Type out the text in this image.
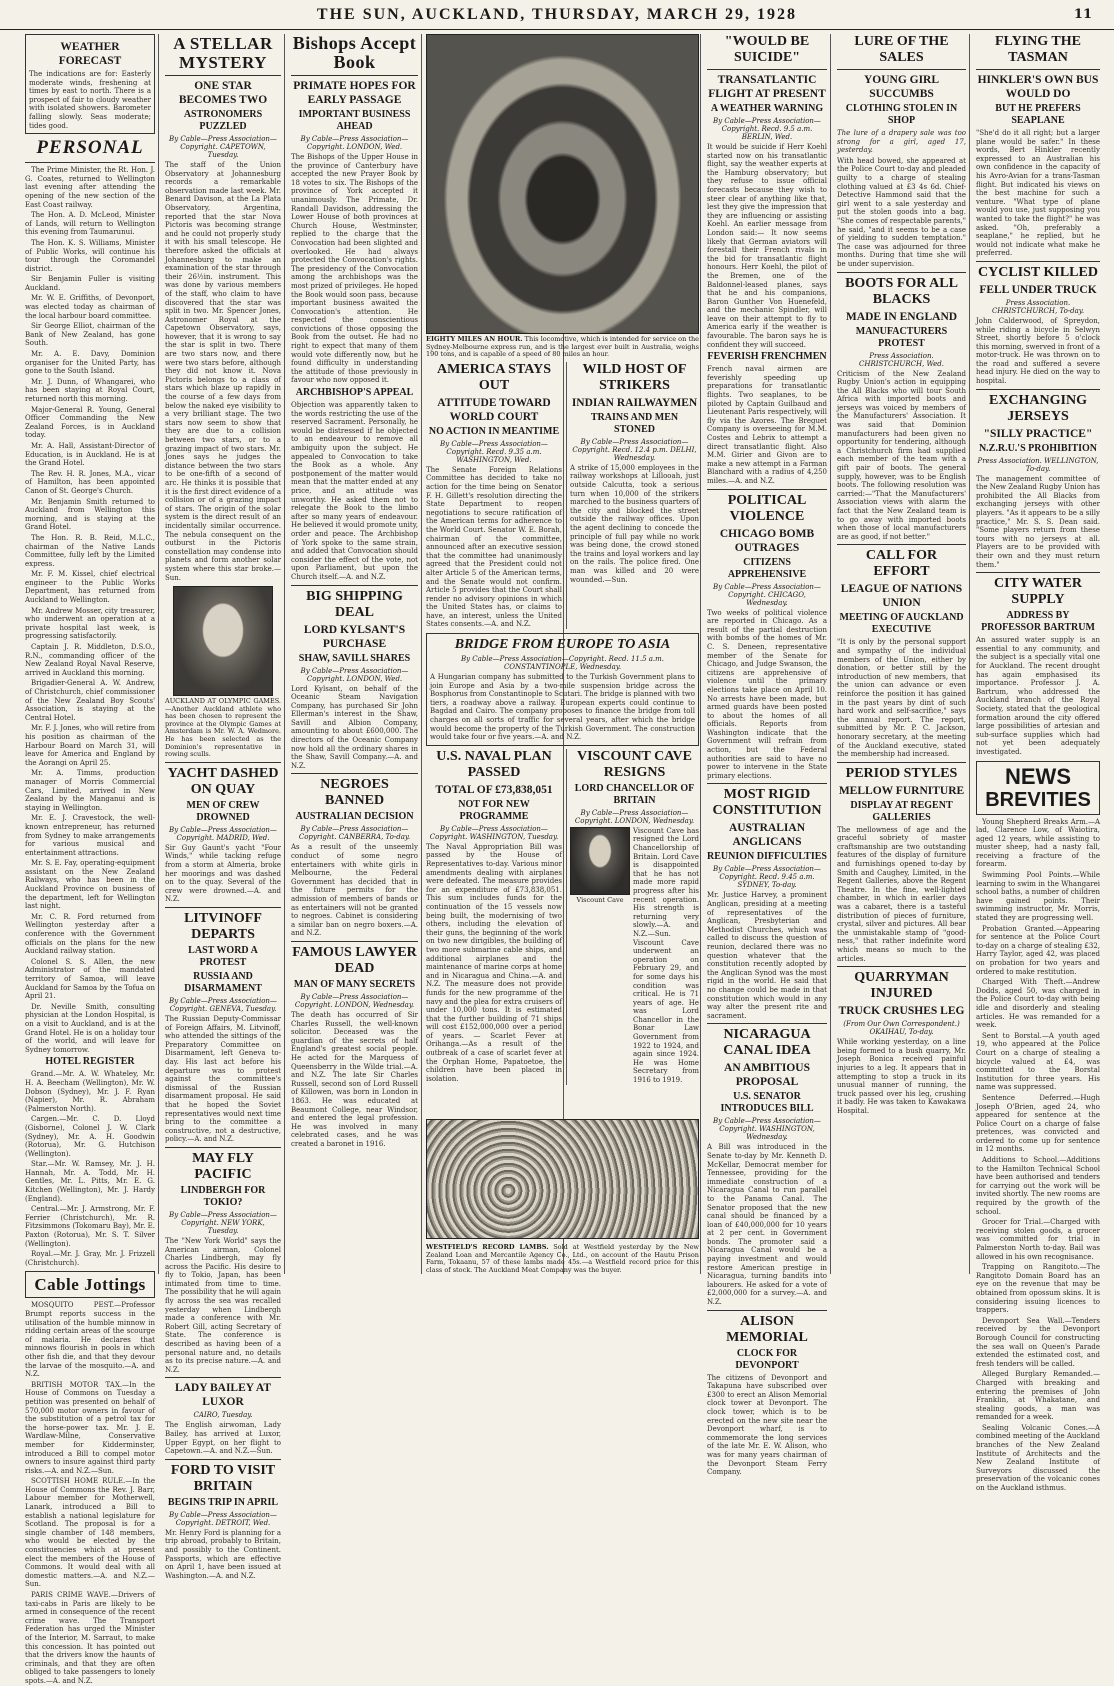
THE SUN, AUCKLAND, THURSDAY, MARCH 29, 1928	11
WEATHER FORECAST
The indications are for: Easterly moderate winds, freshening at times by east to north. There is a prospect of fair to cloudy weather with isolated showers. Barometer falling slowly. Seas moderate; tides good.
PERSONAL

The Prime Minister, the Rt. Hon. J. G. Coates, returned to Wellington last evening after attending the opening of the new section of the East Coast railway.

The Hon. A. D. McLeod, Minister of Lands, will return to Wellington this evening from Taumarunui.

The Hon. K. S. Williams, Minister of Public Works, will continue his tour through the Coromandel district.

Sir Benjamin Fuller is visiting Auckland.

Mr. W. E. Griffiths, of Devonport, was elected today as chairman of the local harbour board committee.

Sir George Elliot, chairman of the Bank of New Zealand, has gone South.

Mr. A. E. Davy, Dominion organiser for the United Party, has gone to the South Island.

Mr. J. Dunn, of Whangarei, who has been staying at Royal Court, returned north this morning.

Major-General R. Young, General Officer Commanding the New Zealand Forces, is in Auckland today.

Mr. A. Hall, Assistant-Director of Education, is in Auckland. He is at the Grand Hotel.

The Rev. H. R. Jones, M.A., vicar of Hamilton, has been appointed Canon of St. George's Church.

Mr. Benjamin Smith returned to Auckland from Wellington this morning, and is staying at the Grand Hotel.

The Hon. R. B. Reid, M.L.C., chairman of the Native Lands Committee, fully left by the Limited express.

Mr. F. M. Kissel, chief electrical engineer to the Public Works Department, has returned from Auckland to Wellington.

Mr. Andrew Mosser, city treasurer, who underwent an operation at a private hospital last week, is progressing satisfactorily.

Captain J. R. Middleton, D.S.O., R.N., commanding officer of the New Zealand Royal Naval Reserve, arrived in Auckland this morning.

Brigadier-General A. W. Andrew, of Christchurch, chief commissioner of the New Zealand Boy Scouts' Association, is staying at the Central Hotel.

Mr. F. J. Jones, who will retire from his position as chairman of the Harbour Board on March 31, will leave for America and England by the Aorangi on April 25.

Mr. A. Timms, production manager of Morris Commercial Cars, Limited, arrived in New Zealand by the Manganui and is staying in Wellington.

Mr. E. J. Cravestock, the well-known entrepreneur, has returned from Sydney to make arrangements for various musical and entertainment attractions.

Mr. S. E. Fay, operating-equipment assistant on the New Zealand Railways, who has been in the Auckland Province on business of the department, left for Wellington last night.

Mr. C. R. Ford returned from Wellington yesterday after a conference with the Government officials on the plans for the new Auckland railway station.

Colonel S. S. Allen, the new Administrator of the mandated territory of Samoa, will leave Auckland for Samoa by the Tofua on April 21.

Dr. Neville Smith, consulting physician at the London Hospital, is on a visit to Auckland, and is at the Grand Hotel. He is on a holiday tour of the world, and will leave for Sydney tomorrow.

HOTEL REGISTER

Grand.—Mr. A. W. Whateley, Mr. H. A. Beecham (Wellington), Mr. W. Dobson (Sydney), Mr. J. F. Ryan (Napier), Mr. R. Abraham (Palmerston North).

Cargen.—Mr. C. D. Lloyd (Gisborne), Colonel J. W. Clark (Sydney), Mr. A. H. Goodwin (Rotorua), Mr. G. Hutchison (Wellington).

Star.—Mr. W. Ramsey, Mr. J. H. Hannah, Mr. A. Todd, Mr. H. Gentles, Mr. L. Pitts, Mr. E. G. Kitchen (Wellington), Mr. J. Hardy (England).

Central.—Mr. J. Armstrong, Mr. F. Ferrier (Christchurch), Mr. R. Fitzsimmons (Tokomaru Bay), Mr. E. Paxton (Rotorua), Mr. S. T. Silver (Wellington).

Royal.—Mr. J. Gray, Mr. J. Frizzell (Christchurch).

Cable Jottings

MOSQUITO PEST.—Professor Brumpt reports success in the utilisation of the humble minnow in ridding certain areas of the scourge of malaria. He declares that minnows flourish in pools in which other fish die, and that they devour the larvae of the mosquito.—A. and N.Z.

BRITISH MOTOR TAX.—In the House of Commons on Tuesday a petition was presented on behalf of 570,000 motor owners in favour of the substitution of a petrol tax for the horse-power tax. Mr. J. E. Wardlaw-Milne, Conservative member for Kidderminster, introduced a Bill to compel motor owners to insure against third party risks.—A. and N.Z.—Sun.

SCOTTISH HOME RULE.—In the House of Commons the Rev. J. Barr, Labour member for Motherwell, Lanark, introduced a Bill to establish a national legislature for Scotland. The proposal is for a single chamber of 148 members, who would be elected by the constituencies which at present elect the members of the House of Commons. It would deal with all domestic matters.—A. and N.Z.—Sun.

PARIS CRIME WAVE.—Drivers of taxi-cabs in Paris are likely to be armed in consequence of the recent crime wave. The Transport Federation has urged the Minister of the Interior, M. Sarraut, to make this concession. It has pointed out that the drivers know the haunts of criminals, and that they are often obliged to take passengers to lonely spots.—A. and N.Z.

A STELLAR MYSTERY
ONE STAR BECOMES TWO
ASTRONOMERS PUZZLED
By Cable—Press Association—Copyright. CAPETOWN, Tuesday.
The staff of the Union Observatory at Johannesburg records a remarkable observation made last week. Mr. Benard Davison, at the La Plata Observatory, Argentina, reported that the star Nova Pictoris was becoming strange and he could not properly study it with his small telescope. He therefore asked the officials at Johannesburg to make an examination of the star through their 26½in. instrument. This was done by various members of the staff, who claim to have discovered that the star was split in two. Mr. Spencer Jones, Astronomer Royal at the Capetown Observatory, says, however, that it is wrong to say the star is split in two. There are two stars now, and there were two stars before, although they did not know it. Nova Pictoris belongs to a class of stars which blaze up rapidly in the course of a few days from below the naked eye visibility to a very brilliant stage. The two stars now seem to show that they are due to a collision between two stars, or to a grazing impact of two stars. Mr. Jones says he judges the distance between the two stars to be one-fifth of a second of arc. He thinks it is possible that it is the first direct evidence of a collision or of a grazing impact of stars. The origin of the solar system is the direct result of an incidentally similar occurrence. The nebula consequent on the outburst in the Pictoris constellation may condense into planets and form another solar system where this star broke.—Sun.
AUCKLAND AT OLYMPIC GAMES.—Another Auckland athlete who has been chosen to represent the province at the Olympic Games at Amsterdam is Mr. W. A. Wedmore. He has been selected as the Dominion's representative in rowing sculls.
YACHT DASHED ON QUAY
MEN OF CREW DROWNED
By Cable—Press Association—Copyright. MADRID, Wed.
Sir Guy Gaunt's yacht "Four Winds," while tacking refuge from a storm at Almeria, broke her moorings and was dashed on to the quay. Several of the crew were drowned.—A. and N.Z.
LITVINOFF DEPARTS
LAST WORD A PROTEST
RUSSIA AND DISARMAMENT
By Cable—Press Association—Copyright. GENEVA, Tuesday.
The Russian Deputy-Commissar of Foreign Affairs, M. Litvinoff, who attended the sittings of the Preparatory Committee on Disarmament, left Geneva to-day. His last act before his departure was to protest against the committee's dismissal of the Russian disarmament proposal. He said that he hoped the Soviet representatives would next time bring to the committee a constructive, not a destructive, policy.—A. and N.Z.
MAY FLY PACIFIC
LINDBERGH FOR TOKIO?
By Cable—Press Association—Copyright. NEW YORK, Tuesday.
The "New York World" says the American airman, Colonel Charles Lindbergh, may fly across the Pacific. His desire to fly to Tokio, Japan, has been intimated from time to time. The possibility that he will again fly across the sea was recalled yesterday when Lindbergh made a conference with Mr. Robert Gill, acting Secretary of State. The conference is described as having been of a personal nature and, no details as to its precise nature.—A. and N.Z.
LADY BAILEY AT LUXOR
CAIRO, Tuesday.
The English airwoman, Lady Bailey, has arrived at Luxor, Upper Egypt, on her flight to Capetown.—A. and N.Z.—Sun.
FORD TO VISIT BRITAIN
BEGINS TRIP IN APRIL
By Cable—Press Association—Copyright. DETROIT, Wed.
Mr. Henry Ford is planning for a trip abroad, probably to Britain, and possibly to the Continent. Passports, which are effective on April 1, have been issued at Washington.—A. and N.Z.
Bishops Accept Book
PRIMATE HOPES FOR EARLY PASSAGE
IMPORTANT BUSINESS AHEAD
By Cable—Press Association—Copyright. LONDON, Wed.
The Bishops of the Upper House in the province of Canterbury have accepted the new Prayer Book by 18 votes to six. The Bishops of the province of York accepted it unanimously. The Primate, Dr. Randall Davidson, addressing the Lower House of both provinces at Church House, Westminster, replied to the charge that the Convocation had been slighted and overlooked. He had always protected the Convocation's rights. The presidency of the Convocation among the archbishops was the most prized of privileges. He hoped the Book would soon pass, because important business awaited the Convocation's attention. He respected the conscientious convictions of those opposing the Book from the outset. He had no right to expect that many of them would vote differently now, but he found difficulty in understanding the attitude of those previously in favour who now opposed it.
ARCHBISHOP'S APPEAL
Objection was apparently taken to the words restricting the use of the reserved Sacrament. Personally, he would be distressed if he objected to an endeavour to remove all ambiguity upon the subject. He appealed to Convocation to take the Book as a whole. Any postponement of the matter would mean that the matter ended at any price, and an attitude was unworthy. He asked them not to relegate the Book to the limbo after so many years of endeavour. He believed it would promote unity, order and peace. The Archbishop of York spoke to the same strain, and added that Convocation should consider the effect of the vote, not upon Parliament, but upon the Church itself.—A. and N.Z.
BIG SHIPPING DEAL
LORD KYLSANT'S PURCHASE
SHAW, SAVILL SHARES
By Cable—Press Association—Copyright. LONDON, Wed.
Lord Kylsant, on behalf of the Oceanic Steam Navigation Company, has purchased Sir John Ellerman's interest in the Shaw, Savill and Albion Company, amounting to about £600,000. The directors of the Oceanic Company now hold all the ordinary shares in the Shaw, Savill Company.—A. and N.Z.
NEGROES BANNED
AUSTRALIAN DECISION
By Cable—Press Association—Copyright. CANBERRA, To-day.
As a result of the unseemly conduct of some negro entertainers with white girls in Melbourne, the Federal Government has decided that in the future permits for the admission of members of bands or as entertainers will not be granted to negroes. Cabinet is considering a similar ban on negro boxers.—A. and N.Z.
FAMOUS LAWYER DEAD
MAN OF MANY SECRETS
By Cable—Press Association—Copyright. LONDON, Wednesday.
The death has occurred of Sir Charles Russell, the well-known solicitor. Deceased was the guardian of the secrets of half England's greatest social people. He acted for the Marquess of Queensberry in the Wilde trial.—A. and N.Z. The late Sir Charles Russell, second son of Lord Russell of Killowen, was born in London in 1863. He was educated at Beaumont College, near Windsor, and entered the legal profession. He was involved in many celebrated cases, and he was created a baronet in 1916.
EIGHTY MILES AN HOUR. This locomotive, which is intended for service on the Sydney-Melbourne express run, and is the largest ever built in Australia, weighs 190 tons, and is capable of a speed of 80 miles an hour.
AMERICA STAYS OUT
ATTITUDE TOWARD WORLD COURT
NO ACTION IN MEANTIME
By Cable—Press Association—Copyright. Recd. 9.35 a.m. WASHINGTON, Wed.
The Senate Foreign Relations Committee has decided to take no action for the time being on Senator F. H. Gillett's resolution directing the State Department to reopen negotiations to secure ratification of the American terms for adherence to the World Court. Senator W. E. Borah, chairman of the committee, announced after an executive session that the committee had unanimously agreed that the President could not alter Article 5 of the American terms, and the Senate would not confirm. Article 5 provides that the Court shall render no advisory opinions in which the United States has, or claims to have, an interest, unless the United States consents.—A. and N.Z.
WILD HOST OF STRIKERS
INDIAN RAILWAYMEN
TRAINS AND MEN STONED
By Cable—Press Association—Copyright. Recd. 12.4 p.m. DELHI, Wednesday.
A strike of 15,000 employees in the railway workshops at Lillooah, just outside Calcutta, took a serious turn when 10,000 of the strikers marched to the business quarters of the city and blocked the street outside the railway offices. Upon the agent declining to concede the principle of full pay while no work was being done, the crowd stoned the trains and loyal workers and lay on the rails. The police fired. One man was killed and 20 were wounded.—Sun.
BRIDGE FROM EUROPE TO ASIA
By Cable—Press Association—Copyright. Recd. 11.5 a.m. CONSTANTINOPLE, Wednesday.
A Hungarian company has submitted to the Turkish Government plans to join Europe and Asia by a two-mile suspension bridge across the Bosphorus from Constantinople to Scutari. The bridge is planned with two tiers, a roadway above a railway. European experts could continue to Bagdad and Cairo. The company proposes to finance the bridge from toll charges on all sorts of traffic for several years, after which the bridge would become the property of the Turkish Government. The construction would take four or five years.—A. and N.Z.
U.S. NAVAL PLAN PASSED
TOTAL OF £73,838,051
NOT FOR NEW PROGRAMME
By Cable—Press Association—Copyright. WASHINGTON, Tuesday.
The Naval Appropriation Bill was passed by the House of Representatives to-day. Various minor amendments dealing with airplanes were defeated. The measure provides for an expenditure of £73,838,051. This sum includes funds for the continuation of the 15 vessels now being built, the modernising of two others, including the elevation of their guns, the beginning of the work on two new dirigibles, the building of two more submarine cable ships, and additional airplanes and the maintenance of marine corps at home and in Nicaragua and China.—A. and N.Z. The measure does not provide funds for the new programme of the navy and the plea for extra cruisers of under 10,000 tons. It is estimated that the further building of 71 ships will cost £152,000,000 over a period of years. — Scarlet Fever at Orihanga.—As a result of the outbreak of a case of scarlet fever at the Orphan Home, Papatoetoe, the children have been placed in isolation.
VISCOUNT CAVE RESIGNS
LORD CHANCELLOR OF BRITAIN
By Cable—Press Association—Copyright. LONDON, Wednesday.
Viscount Cave
Viscount Cave has resigned the Lord Chancellorship of Britain. Lord Cave is disappointed that he has not made more rapid progress after his recent operation. His strength is returning very slowly.—A. and N.Z.—Sun. Viscount Cave underwent an operation on February 29, and for some days his condition was critical. He is 71 years of age. He was Lord Chancellor in the Bonar Law Government from 1922 to 1924, and again since 1924. He was Home Secretary from 1916 to 1919.
WESTFIELD'S RECORD LAMBS. Sold at Westfield yesterday by the New Zealand Loan and Mercantile Agency Co., Ltd., on account of the Hautu Prison Farm, Tokaanu, 57 of these lambs made 45s.—a Westfield record price for this class of stock. The Auckland Meat Company was the buyer.
"WOULD BE SUICIDE"
TRANSATLANTIC FLIGHT AT PRESENT
A WEATHER WARNING
By Cable—Press Association—Copyright. Recd. 9.5 a.m. BERLIN, Wed.
It would be suicide if Herr Koehl started now on his transatlantic flight, say the weather experts at the Hamburg observatory; but they refuse to issue official forecasts because they wish to steer clear of anything like that, lest they give the impression that they are influencing or assisting Koehl. An earlier message from London said:— It now seems likely that German aviators will forestall their French rivals in the bid for transatlantic flight honours. Herr Koehl, the pilot of the Bremen, one of the Baldonnel-leased planes, says that he and his companions, Baron Gunther Von Huenefeld, and the mechanic Spindler, will leave on their attempt to fly to America early if the weather is favourable. The baron says he is confident they will succeed.
FEVERISH FRENCHMEN
French naval airmen are feverishly speeding up preparations for transatlantic flights. Two seaplanes, to be piloted by Captain Guilbaud and Lieutenant Paris respectively, will fly via the Azores. The Breguet Company is overseeing for M.M. Costes and Lebrix to attempt a direct transatlantic flight. Also M.M. Girier and Givon are to make a new attempt in a Farman Blanchard with a radius of 4,250 miles.—A. and N.Z.
POLITICAL VIOLENCE
CHICAGO BOMB OUTRAGES
CITIZENS APPREHENSIVE
By Cable—Press Association—Copyright. CHICAGO, Wednesday.
Two weeks of political violence are reported in Chicago. As a result of the partial destruction with bombs of the homes of Mr. C. S. Deneen, representative member of the Senate for Chicago, and Judge Swanson, the citizens are apprehensive of violence until the primary elections take place on April 10. No arrests have been made, but armed guards have been posted to about the homes of all officials. Reports from Washington indicate that the Government will refrain from action, but the Federal authorities are said to have no power to intervene in the State primary elections.
MOST RIGID CONSTITUTION
AUSTRALIAN ANGLICANS
REUNION DIFFICULTIES
By Cable—Press Association—Copyright. Recd. 9.45 a.m. SYDNEY, To-day.
Mr. Justice Harvey, a prominent Anglican, presiding at a meeting of representatives of the Anglican, Presbyterian and Methodist Churches, which was called to discuss the question of reunion, declared there was no question whatever that the constitution recently adopted by the Anglican Synod was the most rigid in the world. He said that no change could be made in that constitution which would in any way alter the present rite and sacrament.
NICARAGUA CANAL IDEA
AN AMBITIOUS PROPOSAL
U.S. SENATOR INTRODUCES BILL
By Cable—Press Association—Copyright. WASHINGTON, Wednesday.
A Bill was introduced in the Senate to-day by Mr. Kenneth D. McKellar, Democrat member for Tennessee, providing for the immediate construction of a Nicaragua Canal to run parallel to the Panama Canal. The Senator proposed that the new canal should be financed by a loan of £40,000,000 for 10 years at 2 per cent. in Government bonds. The promoter said a Nicaragua Canal would be a paying investment and would restore American prestige in Nicaragua, turning bandits into labourers. He asked for a vote of £2,000,000 for a survey.—A. and N.Z.
ALISON MEMORIAL
CLOCK FOR DEVONPORT
The citizens of Devonport and Takapuna have subscribed over £300 to erect an Alison Memorial clock tower at Devonport. The clock tower, which is to be erected on the new site near the Devonport wharf, is to commemorate the long services of the late Mr. E. W. Alison, who was for many years chairman of the Devonport Steam Ferry Company.
LURE OF THE SALES
YOUNG GIRL SUCCUMBS
CLOTHING STOLEN IN SHOP
The lure of a drapery sale was too strong for a girl, aged 17, yesterday.
With head bowed, she appeared at the Police Court to-day and pleaded guilty to a charge of stealing clothing valued at £3 4s 6d. Chief-Detective Hammond said that the girl went to a sale yesterday and put the stolen goods into a bag. "She comes of respectable parents," he said, "and it seems to be a case of yielding to sudden temptation." The case was adjourned for three months. During that time she will be under supervision.
BOOTS FOR ALL BLACKS
MADE IN ENGLAND
MANUFACTURERS PROTEST
Press Association. CHRISTCHURCH, Wed.
Criticism of the New Zealand Rugby Union's action in equipping the All Blacks who will tour South Africa with imported boots and jerseys was voiced by members of the Manufacturers' Association. It was said that Dominion manufacturers had been given no opportunity for tendering, although a Christchurch firm had supplied each member of the team with a gift pair of boots. The general supply, however, was to be English boots. The following resolution was carried:—"That the Manufacturers' Association views with alarm the fact that the New Zealand team is to go away with imported boots when those of local manufacturers are as good, if not better."
CALL FOR EFFORT
LEAGUE OF NATIONS UNION
MEETING OF AUCKLAND EXECUTIVE
"It is only by the personal support and sympathy of the individual members of the Union, either by donation, or better still by the introduction of new members, that the union can advance or even reinforce the position it has gained in the past years by dint of such hard work and self-sacrifice," says the annual report. The report, submitted by Mr. P. C. Jackson, honorary secretary, at the meeting of the Auckland executive, stated the membership had increased.
PERIOD STYLES
MELLOW FURNITURE
DISPLAY AT REGENT GALLERIES
The mellowness of age and the graceful sobriety of master craftsmanship are two outstanding features of the display of furniture and furnishings opened to-day by Smith and Caughey, Limited, in the Regent Galleries, above the Regent Theatre. In the fine, well-lighted chamber, in which in earlier days was a cabaret, there is a tasteful distribution of pieces of furniture, crystal, silver and pictures. All bear the unmistakable stamp of "good-ness," that rather indefinite word which means so much to the articles.
QUARRYMAN INJURED
TRUCK CRUSHES LEG
(From Our Own Correspondent.) OKAIHAU, To-day.
While working yesterday, on a line being formed to a bush quarry, Mr. Joseph Bonica received painful injuries to a leg. It appears that in attempting to stop a truck in its unusual manner of running, the truck passed over his leg, crushing it badly. He was taken to Kawakawa Hospital.
FLYING THE TASMAN
HINKLER'S OWN BUS WOULD DO
BUT HE PREFERS SEAPLANE
"She'd do it all right; but a larger plane would be safer." In these words, Bert Hinkler recently expressed to an Australian his own confidence in the capacity of his Avro-Avian for a trans-Tasman flight. But indicated his views on the best machine for such a venture. "What type of plane would you use, just supposing you wanted to take the flight?" he was asked. "Oh, preferably a seaplane," he replied, but he would not indicate what make he preferred.
CYCLIST KILLED
FELL UNDER TRUCK
Press Association. CHRISTCHURCH, To-day.
John Calderwood, of Spreydon, while riding a bicycle in Selwyn Street, shortly before 5 o'clock this morning, swerved in front of a motor-truck. He was thrown on to the road and suffered a severe head injury. He died on the way to hospital.
EXCHANGING JERSEYS
"SILLY PRACTICE"
N.Z.R.U.'S PROHIBITION
Press Association. WELLINGTON, To-day.
The management committee of the New Zealand Rugby Union has prohibited the All Blacks from exchanging jerseys with other players. "As it appears to be a silly practice," Mr. S. S. Dean said. "Some players return from these tours with no jerseys at all. Players are to be provided with their own and they must return them."
CITY WATER SUPPLY
ADDRESS BY PROFESSOR BARTRUM
An assured water supply is an essential to any community, and the subject is a specially vital one for Auckland. The recent drought has again emphasised its importance. Professor J. A. Bartrum, who addressed the Auckland branch of the Royal Society, stated that the geological formation around the city offered large possibilities of artesian and sub-surface supplies which had not yet been adequately investigated.
NEWS
BREVITIES

Young Shepherd Breaks Arm.—A lad, Clarence Low, of Waiotira, aged 12 years, while assisting to muster sheep, had a nasty fall, receiving a fracture of the forearm.

Swimming Pool Points.—While learning to swim in the Whangarei school baths, a number of children have gained points. Their swimming instructor, Mr. Morris, stated they are progressing well.

Probation Granted.—Appearing for sentence at the Police Court to-day on a charge of stealing £32, Harry Taylor, aged 42, was placed on probation for two years and ordered to make restitution.

Charged With Theft.—Andrew Dodds, aged 50, was charged in the Police Court to-day with being idle and disorderly and stealing articles. He was remanded for a week.

Sent to Borstal.—A youth aged 19, who appeared at the Police Court on a charge of stealing a bicycle valued at £4, was committed to the Borstal Institution for three years. His name was suppressed.

Sentence Deferred.—Hugh Joseph O'Brien, aged 24, who appeared for sentence at the Police Court on a charge of false pretences, was convicted and ordered to come up for sentence in 12 months.

Additions to School.—Additions to the Hamilton Technical School have been authorised and tenders for carrying out the work will be invited shortly. The new rooms are required by the growth of the school.

Grocer for Trial.—Charged with receiving stolen goods, a grocer was committed for trial in Palmerston North to-day. Bail was allowed in his own recognisance.

Trapping on Rangitoto.—The Rangitoto Domain Board has an eye on the revenue that may be obtained from opossum skins. It is considering issuing licences to trappers.

Devonport Sea Wall.—Tenders received by the Devonport Borough Council for constructing the sea wall on Queen's Parade extended the estimated cost, and fresh tenders will be called.

Alleged Burglary Remanded.—Charged with breaking and entering the premises of John Franklin, at Whakatane, and stealing goods, a man was remanded for a week.

Sealing Volcanic Cones.—A combined meeting of the Auckland branches of the New Zealand Institute of Architects and the New Zealand Institute of Surveyors discussed the preservation of the volcanic cones on the Auckland isthmus.
